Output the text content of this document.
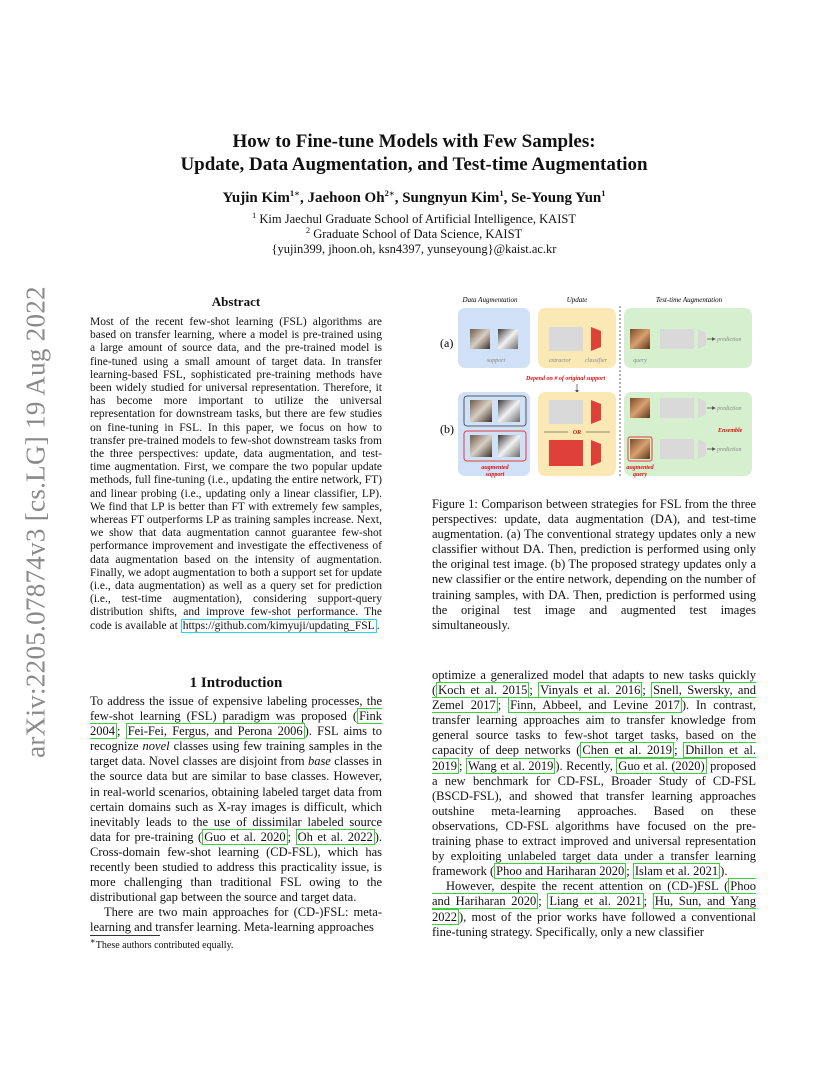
arXiv:2205.07874v3 [cs.LG] 19 Aug 2022
How to Fine-tune Models with Few Samples:
Update, Data Augmentation, and Test-time Augmentation
Yujin Kim$^{1∗}$, Jaehoon $Oh^{2∗}$, Sungnyun Kim$^1$, Se-Young Yun$^1$
$^1$ Kim Jaechul Graduate School of Artificial Intelligence, KAIST
$^2$ Graduate School of Data Science, KAIST
{yujin399, jhoon.oh, ksn4397, yunseyoung}@kaist.ac.kr
Abstract
Most of the recent few-shot learning (FSL) algorithms are based on transfer learning, where a model is pre-trained using a large amount of source data, and the pre-trained model is fine-tuned using a small amount of target data. In transfer learning-based FSL, sophisticated pre-training methods have been widely studied for universal representation. Therefore, it has become more important to utilize the universal representation for downstream tasks, but there are few studies on fine-tuning in FSL. In this paper, we focus on how to transfer pre-trained models to few-shot downstream tasks from the three perspectives: update, data augmentation, and test-time augmentation. First, we compare the two popular update methods, full fine-tuning (i.e., updating the entire network, FT) and linear probing (i.e., updating only a linear classifier, LP). We find that LP is better than FT with extremely few samples, whereas FT outperforms LP as training samples increase. Next, we show that data augmentation cannot guarantee few-shot performance improvement and investigate the effectiveness of data augmentation based on the intensity of augmentation. Finally, we adopt augmentation to both a support set for update (i.e., data augmentation) as well as a query set for prediction (i.e., test-time augmentation), considering support-query distribution shifts, and improve few-shot performance. The code is available at https://github.com/kimyuji/updating_FSL .
Data Augmentation	Update	Test-time Augmentation
(a)
(b)
support	extractor classifier
prediction
query
Depend on # of original support
augmented
support
OR
prediction
Ensemble
prediction
augmented
query
Figure 1: Comparison between strategies for FSL from the three perspectives: update, data augmentation (DA), and test-time augmentation. (a) The conventional strategy updates only a new classifier without DA. Then, prediction is performed using only the original test image. (b) The proposed strategy updates only a new classifier or the entire network, depending on the number of training samples, with DA. Then, prediction is performed using the original test image and augmented test images simultaneously.
1 Introduction

To address the issue of expensive labeling processes, the few-shot learning (FSL) paradigm was proposed ( Fink 2004 ; Fei-Fei, Fergus, and Perona 2006 ). FSL aims to recognize novel classes using few training samples in the target data. Novel classes are disjoint from base classes in the source data but are similar to base classes. However, in real-world scenarios, obtaining labeled target data from certain domains such as X-ray images is difficult, which inevitably leads to the use of dissimilar labeled source data for pre-training ( Guo et al. 2020 ; Oh et al. 2022 ). Cross-domain few-shot learning (CD-FSL), which has recently been studied to address this practicality issue, is more challenging than traditional FSL owing to the distributional gap between the source and target data.

There are two main approaches for (CD-)FSL: meta-learning and transfer learning. Meta-learning approaches

∗These authors contributed equally.

optimize a generalized model that adapts to new tasks quickly ( Koch et al. 2015 ; Vinyals et al. 2016 ; Snell, Swersky, and Zemel 2017 ; Finn, Abbeel, and Levine 2017 ). In contrast, transfer learning approaches aim to transfer knowledge from general source tasks to few-shot target tasks, based on the capacity of deep networks ( Chen et al. 2019 ; Dhillon et al. 2019 ; Wang et al. 2019 ). Recently, Guo et al. (2020) proposed a new benchmark for CD-FSL, Broader Study of CD-FSL (BSCD-FSL), and showed that transfer learning approaches outshine meta-learning approaches. Based on these observations, CD-FSL algorithms have focused on the pre-training phase to extract improved and universal representation by exploiting unlabeled target data under a transfer learning framework ( Phoo and Hariharan 2020 ; Islam et al. 2021 ).

However, despite the recent attention on (CD-)FSL ( Phoo and Hariharan 2020 ; Liang et al. 2021 ; Hu, Sun, and Yang 2022 ), most of the prior works have followed a conventional fine-tuning strategy. Specifically, only a new classifier
